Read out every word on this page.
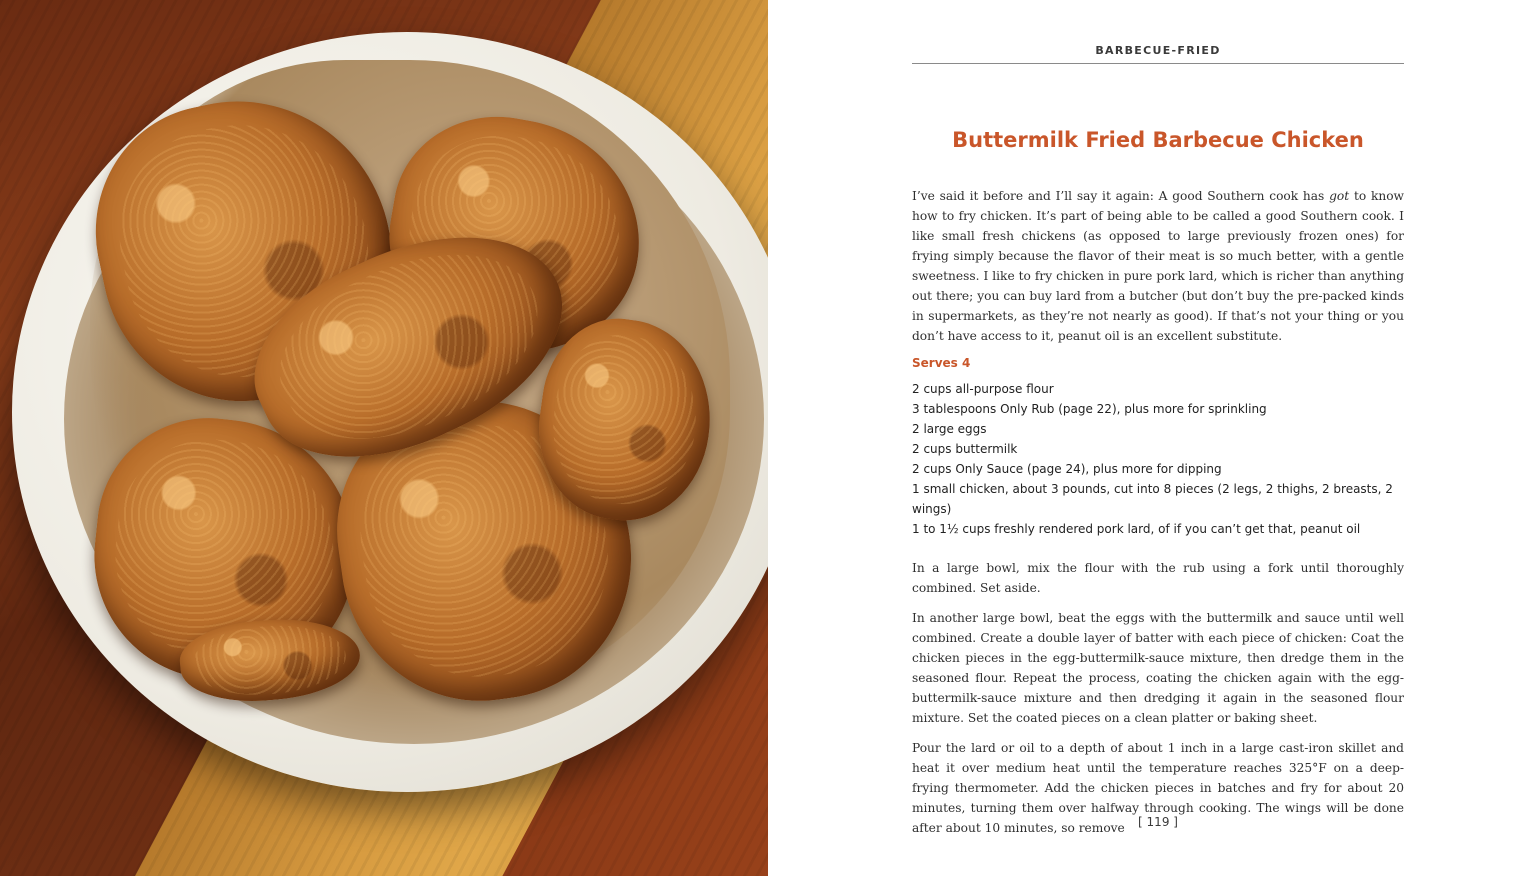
BARBECUE-FRIED
Buttermilk Fried Barbecue Chicken

I’ve said it before and I’ll say it again: A good Southern cook has got to know how to fry chicken. It’s part of being able to be called a good Southern cook. I like small fresh chickens (as opposed to large previously frozen ones) for frying simply because the flavor of their meat is so much better, with a gentle sweetness. I like to fry chicken in pure pork lard, which is richer than anything out there; you can buy lard from a butcher (but don’t buy the pre-packed kinds in supermarkets, as they’re not nearly as good). If that’s not your thing or you don’t have access to it, peanut oil is an excellent substitute.

Serves 4
2 cups all-purpose flour
3 tablespoons Only Rub (page 22), plus more for sprinkling
2 large eggs
2 cups buttermilk
2 cups Only Sauce (page 24), plus more for dipping
1 small chicken, about 3 pounds, cut into 8 pieces (2 legs, 2 thighs, 2 breasts, 2 wings)
1 to 1½ cups freshly rendered pork lard, of if you can’t get that, peanut oil

In a large bowl, mix the flour with the rub using a fork until thoroughly combined. Set aside.

In another large bowl, beat the eggs with the buttermilk and sauce until well combined. Create a double layer of batter with each piece of chicken: Coat the chicken pieces in the egg-buttermilk-sauce mixture, then dredge them in the seasoned flour. Repeat the process, coating the chicken again with the egg-buttermilk-sauce mixture and then dredging it again in the seasoned flour mixture. Set the coated pieces on a clean platter or baking sheet.

Pour the lard or oil to a depth of about 1 inch in a large cast-iron skillet and heat it over medium heat until the temperature reaches 325°F on a deep-frying thermometer. Add the chicken pieces in batches and fry for about 20 minutes, turning them over halfway through cooking. The wings will be done after about 10 minutes, so remove	[ 119 ]
